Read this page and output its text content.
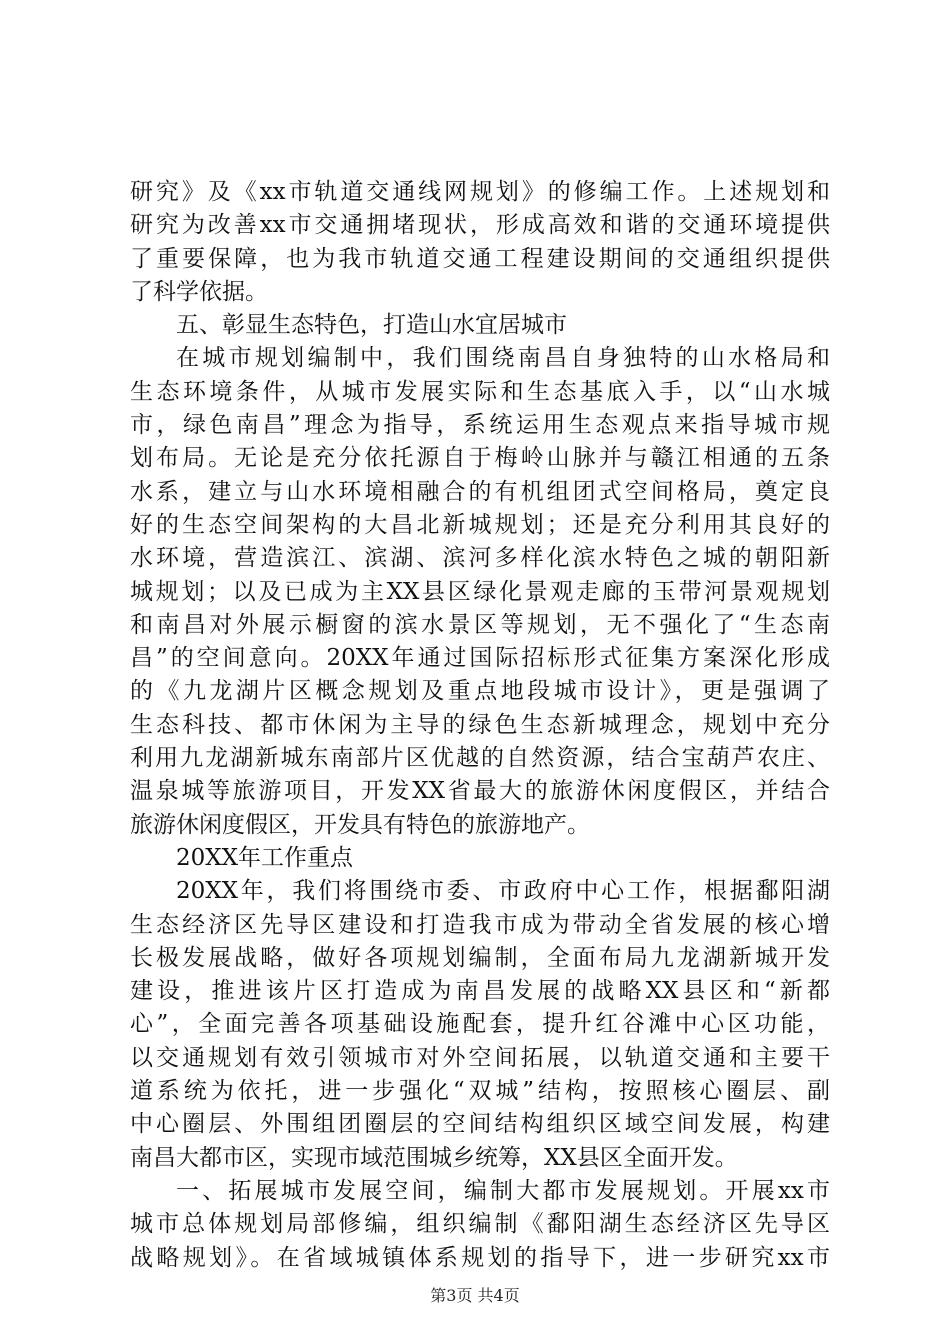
研究》及《xx市轨道交通线网规划》的修编工作。上述规划和
研究为改善xx市交通拥堵现状，形成高效和谐的交通环境提供
了重要保障，也为我市轨道交通工程建设期间的交通组织提供
了科学依据。
五、彰显生态特色，打造山水宜居城市
在城市规划编制中，我们围绕南昌自身独特的山水格局和
生态环境条件，从城市发展实际和生态基底入手，以“山水城
市，绿色南昌”理念为指导，系统运用生态观点来指导城市规
划布局。无论是充分依托源自于梅岭山脉并与赣江相通的五条
水系，建立与山水环境相融合的有机组团式空间格局，奠定良
好的生态空间架构的大昌北新城规划；还是充分利用其良好的
水环境，营造滨江、滨湖、滨河多样化滨水特色之城的朝阳新
城规划；以及已成为主XX县区绿化景观走廊的玉带河景观规划
和南昌对外展示橱窗的滨水景区等规划，无不强化了“生态南
昌”的空间意向。20XX年通过国际招标形式征集方案深化形成
的《九龙湖片区概念规划及重点地段城市设计》，更是强调了
生态科技、都市休闲为主导的绿色生态新城理念，规划中充分
利用九龙湖新城东南部片区优越的自然资源，结合宝葫芦农庄、
温泉城等旅游项目，开发XX省最大的旅游休闲度假区，并结合
旅游休闲度假区，开发具有特色的旅游地产。
20XX年工作重点
20XX年，我们将围绕市委、市政府中心工作，根据鄱阳湖
生态经济区先导区建设和打造我市成为带动全省发展的核心增
长极发展战略，做好各项规划编制，全面布局九龙湖新城开发
建设，推进该片区打造成为南昌发展的战略XX县区和“新都
心”，全面完善各项基础设施配套，提升红谷滩中心区功能，
以交通规划有效引领城市对外空间拓展，以轨道交通和主要干
道系统为依托，进一步强化“双城”结构，按照核心圈层、副
中心圈层、外围组团圈层的空间结构组织区域空间发展，构建
南昌大都市区，实现市域范围城乡统筹，XX县区全面开发。
一、拓展城市发展空间，编制大都市发展规划。开展xx市
城市总体规划局部修编，组织编制《鄱阳湖生态经济区先导区
战略规划》。在省域城镇体系规划的指导下，进一步研究xx市
第3页 共4页
